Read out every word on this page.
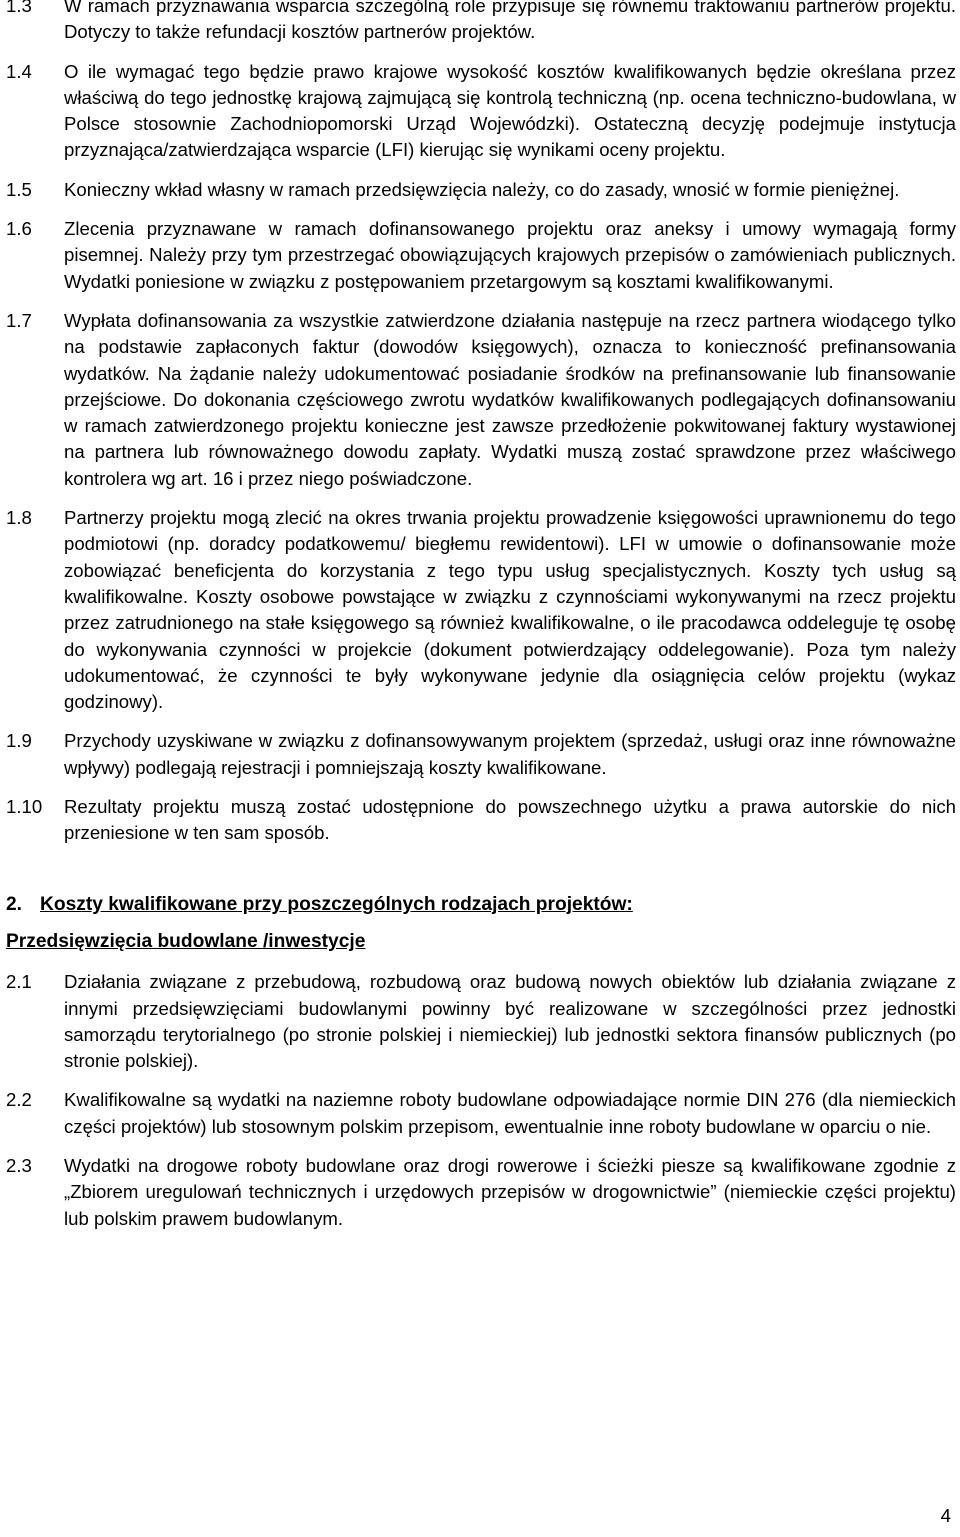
1.3	W ramach przyznawania wsparcia szczególną role przypisuje się równemu traktowaniu partnerów projektu. Dotyczy to także refundacji kosztów partnerów projektów.
1.4	O ile wymagać tego będzie prawo krajowe wysokość kosztów kwalifikowanych będzie określana przez właściwą do tego jednostkę krajową zajmującą się kontrolą techniczną (np. ocena techniczno-budowlana, w Polsce stosownie Zachodniopomorski Urząd Wojewódzki). Ostateczną decyzję podejmuje instytucja przyznająca/zatwierdzająca wsparcie (LFI) kierując się wynikami oceny projektu.
1.5	Konieczny wkład własny w ramach przedsięwzięcia należy, co do zasady, wnosić w formie pieniężnej.
1.6	Zlecenia przyznawane w ramach dofinansowanego projektu oraz aneksy i umowy wymagają formy pisemnej. Należy przy tym przestrzegać obowiązujących krajowych przepisów o zamówieniach publicznych. Wydatki poniesione w związku z postępowaniem przetargowym są kosztami kwalifikowanymi.
1.7	Wypłata dofinansowania za wszystkie zatwierdzone działania następuje na rzecz partnera wiodącego tylko na podstawie zapłaconych faktur (dowodów księgowych), oznacza to konieczność prefinansowania wydatków. Na żądanie należy udokumentować posiadanie środków na prefinansowanie lub finansowanie przejściowe. Do dokonania częściowego zwrotu wydatków kwalifikowanych podlegających dofinansowaniu w ramach zatwierdzonego projektu konieczne jest zawsze przedłożenie pokwitowanej faktury wystawionej na partnera lub równoważnego dowodu zapłaty. Wydatki muszą zostać sprawdzone przez właściwego kontrolera wg art. 16 i przez niego poświadczone.
1.8	Partnerzy projektu mogą zlecić na okres trwania projektu prowadzenie księgowości uprawnionemu do tego podmiotowi (np. doradcy podatkowemu/ biegłemu rewidentowi). LFI w umowie o dofinansowanie może zobowiązać beneficjenta do korzystania z tego typu usług specjalistycznych. Koszty tych usług są kwalifikowalne. Koszty osobowe powstające w związku z czynnościami wykonywanymi na rzecz projektu przez zatrudnionego na stałe księgowego są również kwalifikowalne, o ile pracodawca oddeleguje tę osobę do wykonywania czynności w projekcie (dokument potwierdzający oddelegowanie). Poza tym należy udokumentować, że czynności te były wykonywane jedynie dla osiągnięcia celów projektu (wykaz godzinowy).
1.9	Przychody uzyskiwane w związku z dofinansowywanym projektem (sprzedaż, usługi oraz inne równoważne wpływy) podlegają rejestracji i pomniejszają koszty kwalifikowane.
1.10	Rezultaty projektu muszą zostać udostępnione do powszechnego użytku a prawa autorskie do nich przeniesione w ten sam sposób.
2. Koszty kwalifikowane przy poszczególnych rodzajach projektów:
Przedsięwzięcia budowlane /inwestycje
2.1	Działania związane z przebudową, rozbudową oraz budową nowych obiektów lub działania związane z innymi przedsięwzięciami budowlanymi powinny być realizowane w szczególności przez jednostki samorządu terytorialnego (po stronie polskiej i niemieckiej) lub jednostki sektora finansów publicznych (po stronie polskiej).
2.2	Kwalifikowalne są wydatki na naziemne roboty budowlane odpowiadające normie DIN 276 (dla niemieckich części projektów) lub stosownym polskim przepisom, ewentualnie inne roboty budowlane w oparciu o nie.
2.3	Wydatki na drogowe roboty budowlane oraz drogi rowerowe i ścieżki piesze są kwalifikowane zgodnie z „Zbiorem uregulowań technicznych i urzędowych przepisów w drogownictwie” (niemieckie części projektu) lub polskim prawem budowlanym.
4
